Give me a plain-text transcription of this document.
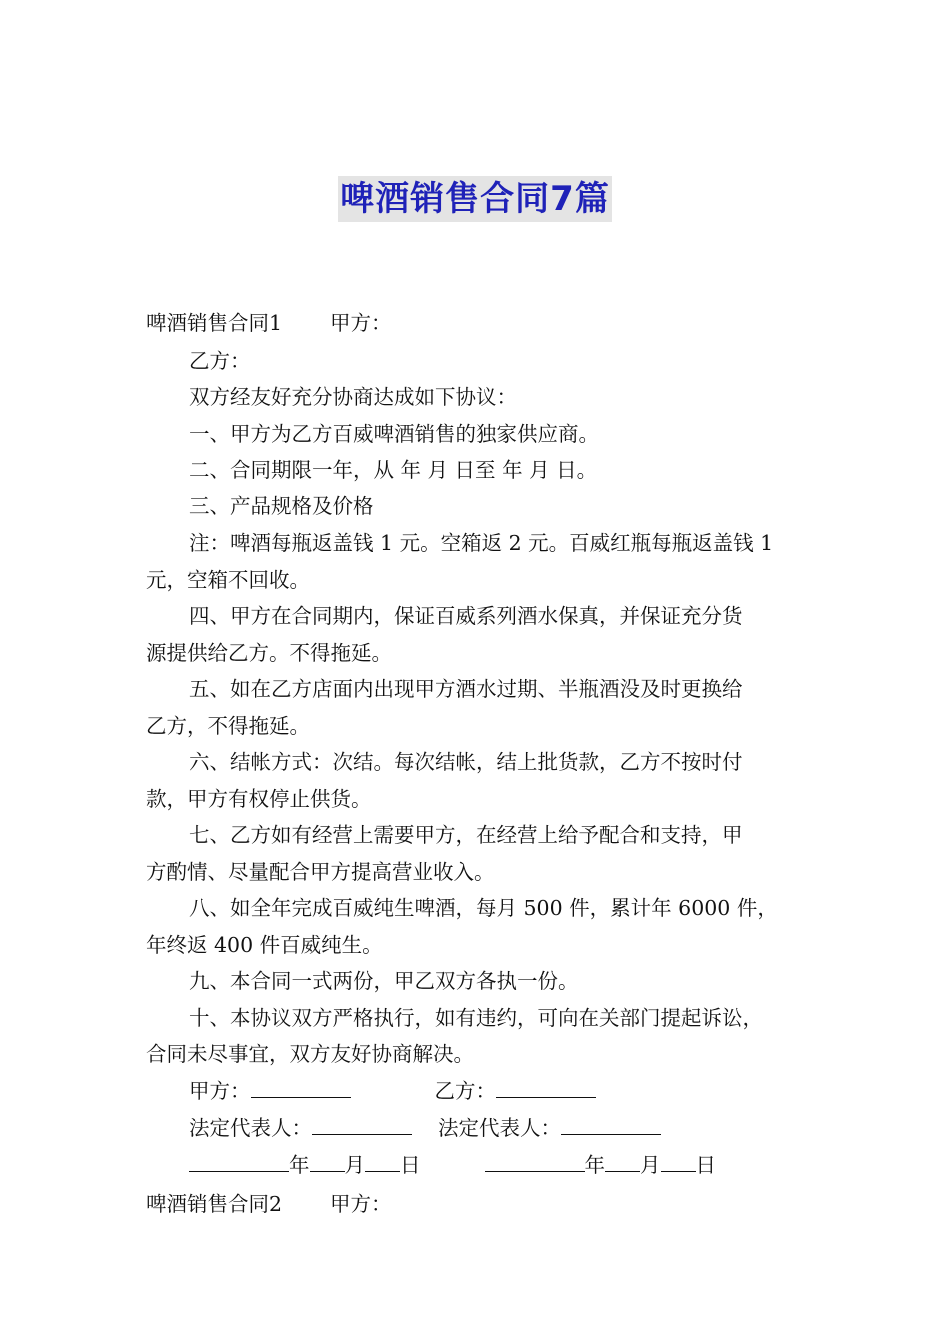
啤酒销售合同7篇
啤酒销售合同1 甲方：
乙方：
双方经友好充分协商达成如下协议：
一、甲方为乙方百威啤酒销售的独家供应商。
二、合同期限一年，从 年 月 日至 年 月 日。
三、产品规格及价格
注：啤酒每瓶返盖钱 1 元。空箱返 2 元。百威红瓶每瓶返盖钱 1
元，空箱不回收。
四、甲方在合同期内，保证百威系列酒水保真，并保证充分货
源提供给乙方。不得拖延。
五、如在乙方店面内出现甲方酒水过期、半瓶酒没及时更换给
乙方，不得拖延。
六、结帐方式：次结。每次结帐，结上批货款，乙方不按时付
款，甲方有权停止供货。
七、乙方如有经营上需要甲方，在经营上给予配合和支持，甲
方酌情、尽量配合甲方提高营业收入。
八、如全年完成百威纯生啤酒，每月 500 件，累计年 6000 件，
年终返 400 件百威纯生。
九、本合同一式两份，甲乙双方各执一份。
十、本协议双方严格执行，如有违约，可向在关部门提起诉讼，
合同未尽事宜，双方友好协商解决。
甲方：	乙方：
法定代表人：	法定代表人：
年 月 日	年 月 日
啤酒销售合同2 甲方：
